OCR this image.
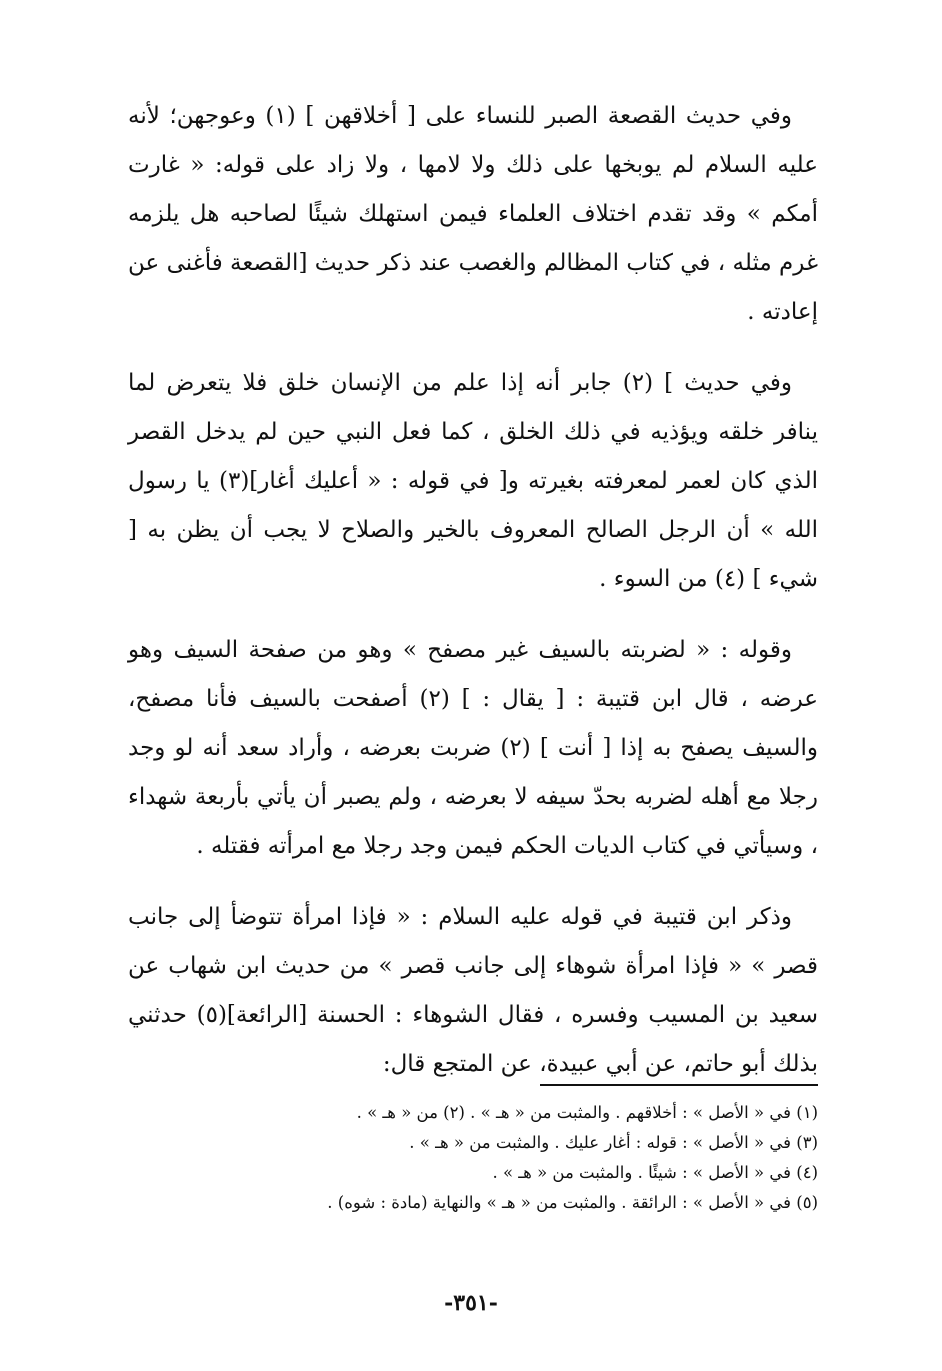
وفي حديث القصعة الصبر للنساء على [ أخلاقهن ] (١) وعوجهن؛ لأنه عليه السلام لم يوبخها على ذلك ولا لامها ، ولا زاد على قوله: « غارت أمكم » وقد تقدم اختلاف العلماء فيمن استهلك شيئًا لصاحبه هل يلزمه غرم مثله ، في كتاب المظالم والغصب عند ذكر حديث [القصعة فأغنى عن إعادته .

وفي حديث ] (٢) جابر أنه إذا علم من الإنسان خلق فلا يتعرض لما ينافر خلقه ويؤذيه في ذلك الخلق ، كما فعل النبي حين لم يدخل القصر الذي كان لعمر لمعرفته بغيرته و[ في قوله : « أعليك أغار](٣) يا رسول الله » أن الرجل الصالح المعروف بالخير والصلاح لا يجب أن يظن به [ شيء ] (٤) من السوء .

وقوله : « لضربته بالسيف غير مصفح » وهو من صفحة السيف وهو عرضه ، قال ابن قتيبة : [ يقال : ] (٢) أصفحت بالسيف فأنا مصفح، والسيف يصفح به إذا [ أنت ] (٢) ضربت بعرضه ، وأراد سعد أنه لو وجد رجلا مع أهله لضربه بحدّ سيفه لا بعرضه ، ولم يصبر أن يأتي بأربعة شهداء ، وسيأتي في كتاب الديات الحكم فيمن وجد رجلا مع امرأته فقتله .

وذكر ابن قتيبة في قوله عليه السلام : « فإذا امرأة تتوضأ إلى جانب قصر » « فإذا امرأة شوهاء إلى جانب قصر » من حديث ابن شهاب عن سعيد بن المسيب وفسره ، فقال الشوهاء : الحسنة [الرائعة](٥) حدثني بذلك أبو حاتم، عن أبي عبيدة، عن المتجع قال:

(١) في « الأصل » : أخلاقهم . والمثبت من « هـ » . (٢) من « هـ » .

(٣) في « الأصل » : قوله : أغار عليك . والمثبت من « هـ » .

(٤) في « الأصل » : شيئًا . والمثبت من « هـ » .

(٥) في « الأصل » : الرائقة . والمثبت من « هـ » والنهاية (مادة : شوه) .

-٣٥١-
